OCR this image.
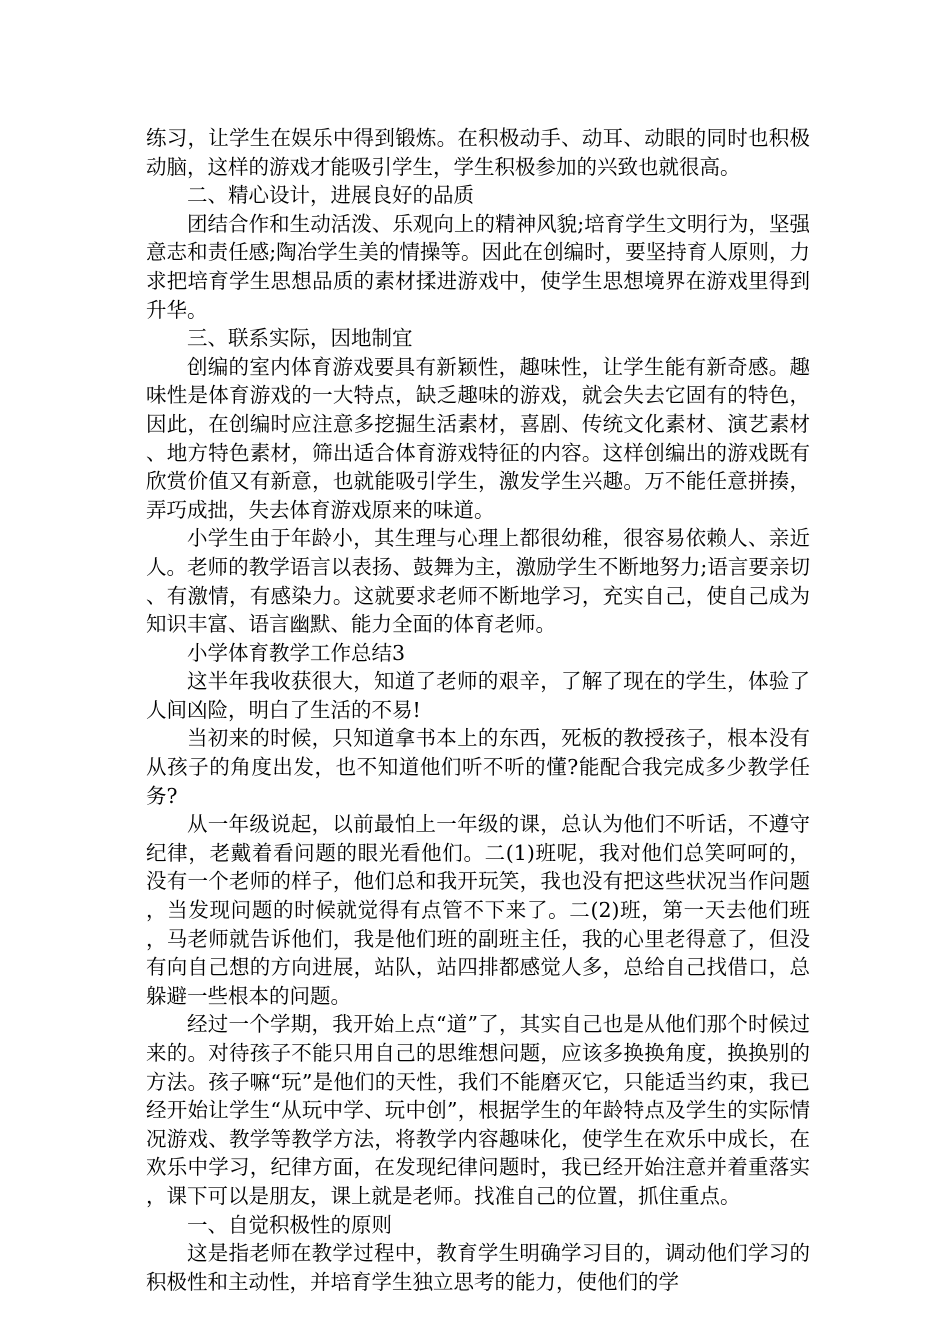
练习，让学生在娱乐中得到锻炼。在积极动手、动耳、动眼的同时也积极动脑，这样的游戏才能吸引学生，学生积极参加的兴致也就很高。

二、精心设计，进展良好的品质

团结合作和生动活泼、乐观向上的精神风貌;培育学生文明行为，坚强意志和责任感;陶冶学生美的情操等。因此在创编时，要坚持育人原则，力求把培育学生思想品质的素材揉进游戏中，使学生思想境界在游戏里得到升华。

三、联系实际，因地制宜

创编的室内体育游戏要具有新颖性，趣味性，让学生能有新奇感。趣味性是体育游戏的一大特点，缺乏趣味的游戏，就会失去它固有的特色，因此，在创编时应注意多挖掘生活素材，喜剧、传统文化素材、演艺素材、地方特色素材，筛出适合体育游戏特征的内容。这样创编出的游戏既有欣赏价值又有新意，也就能吸引学生，激发学生兴趣。万不能任意拼揍，弄巧成拙，失去体育游戏原来的味道。

小学生由于年龄小，其生理与心理上都很幼稚，很容易依赖人、亲近人。老师的教学语言以表扬、鼓舞为主，激励学生不断地努力;语言要亲切、有激情，有感染力。这就要求老师不断地学习，充实自己，使自己成为知识丰富、语言幽默、能力全面的体育老师。

小学体育教学工作总结3

这半年我收获很大，知道了老师的艰辛，了解了现在的学生，体验了人间凶险，明白了生活的不易!

当初来的时候，只知道拿书本上的东西，死板的教授孩子，根本没有从孩子的角度出发，也不知道他们听不听的懂?能配合我完成多少教学任务?

从一年级说起，以前最怕上一年级的课，总认为他们不听话，不遵守纪律，老戴着看问题的眼光看他们。二(1)班呢，我对他们总笑呵呵的，没有一个老师的样子，他们总和我开玩笑，我也没有把这些状况当作问题，当发现问题的时候就觉得有点管不下来了。二(2)班，第一天去他们班，马老师就告诉他们，我是他们班的副班主任，我的心里老得意了，但没有向自己想的方向进展，站队，站四排都感觉人多，总给自己找借口，总躲避一些根本的问题。

经过一个学期，我开始上点“道”了，其实自己也是从他们那个时候过来的。对待孩子不能只用自己的思维想问题，应该多换换角度，换换别的方法。孩子嘛“玩”是他们的天性，我们不能磨灭它，只能适当约束，我已经开始让学生“从玩中学、玩中创”，根据学生的年龄特点及学生的实际情况游戏、教学等教学方法，将教学内容趣味化，使学生在欢乐中成长，在欢乐中学习，纪律方面，在发现纪律问题时，我已经开始注意并着重落实，课下可以是朋友，课上就是老师。找准自己的位置，抓住重点。

一、自觉积极性的原则

这是指老师在教学过程中，教育学生明确学习目的，调动他们学习的积极性和主动性，并培育学生独立思考的能力，使他们的学
